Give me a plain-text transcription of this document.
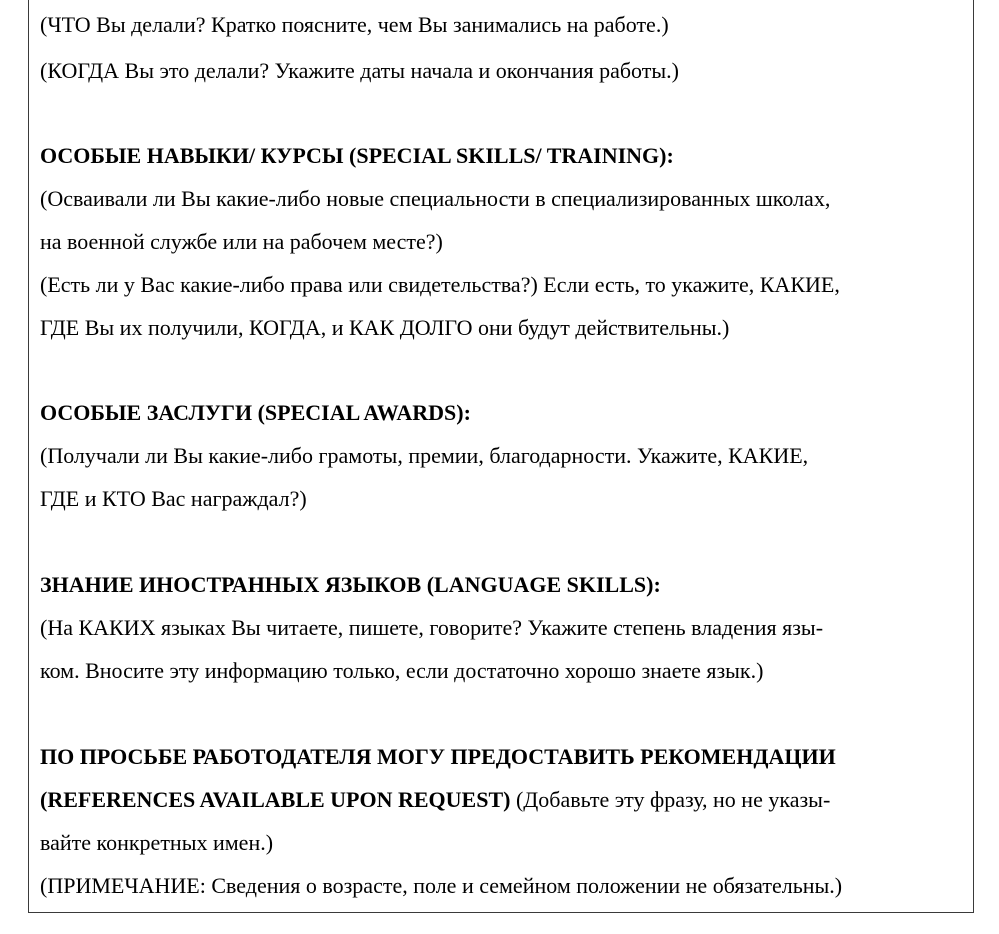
(ЧТО Вы делали? Кратко поясните, чем Вы занимались на работе.)
(КОГДА Вы это делали? Укажите даты начала и окончания работы.)
ОСОБЫЕ НАВЫКИ/ КУРСЫ (SPECIAL SKILLS/ TRAINING):
(Осваивали ли Вы какие-либо новые специальности в специализированных школах,
на военной службе или на рабочем месте?)
(Есть ли у Вас какие-либо права или свидетельства?) Если есть, то укажите, КАКИЕ,
ГДЕ Вы их получили, КОГДА, и КАК ДОЛГО они будут действительны.)
ОСОБЫЕ ЗАСЛУГИ (SPECIAL AWARDS):
(Получали ли Вы какие-либо грамоты, премии, благодарности. Укажите, КАКИЕ,
ГДЕ и КТО Вас награждал?)
ЗНАНИЕ ИНОСТРАННЫХ ЯЗЫКОВ (LANGUAGE SKILLS):
(На КАКИХ языках Вы читаете, пишете, говорите? Укажите степень владения язы-
ком. Вносите эту информацию только, если достаточно хорошо знаете язык.)
ПО ПРОСЬБЕ РАБОТОДАТЕЛЯ МОГУ ПРЕДОСТАВИТЬ РЕКОМЕНДАЦИИ
(REFERENCES AVAILABLE UPON REQUEST) (Добавьте эту фразу, но не указы-
вайте конкретных имен.)
(ПРИМЕЧАНИЕ: Сведения о возрасте, поле и семейном положении не обязательны.)
